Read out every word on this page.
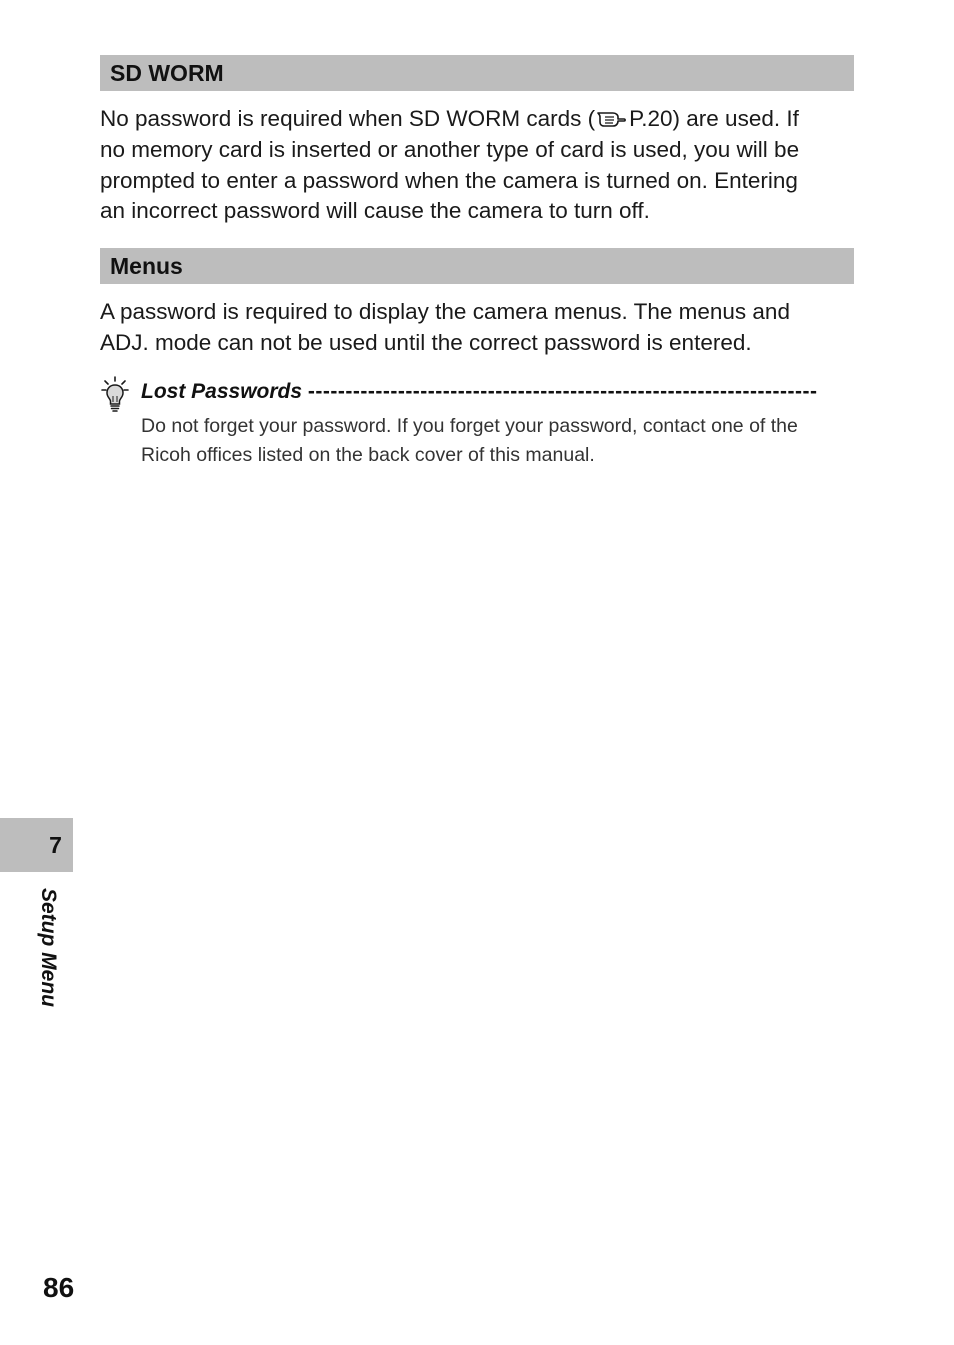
SD WORM
No password is required when SD WORM cards ( P.20) are used. If
no memory card is inserted or another type of card is used, you will be
prompted to enter a password when the camera is turned on. Entering
an incorrect password will cause the camera to turn off.
Menus
A password is required to display the camera menus. The menus and
ADJ. mode can not be used until the correct password is entered.
Lost Passwords --------------------------------------------------------------------
Do not forget your password. If you forget your password, contact one of the
Ricoh offices listed on the back cover of this manual.
7
Setup Menu
86
